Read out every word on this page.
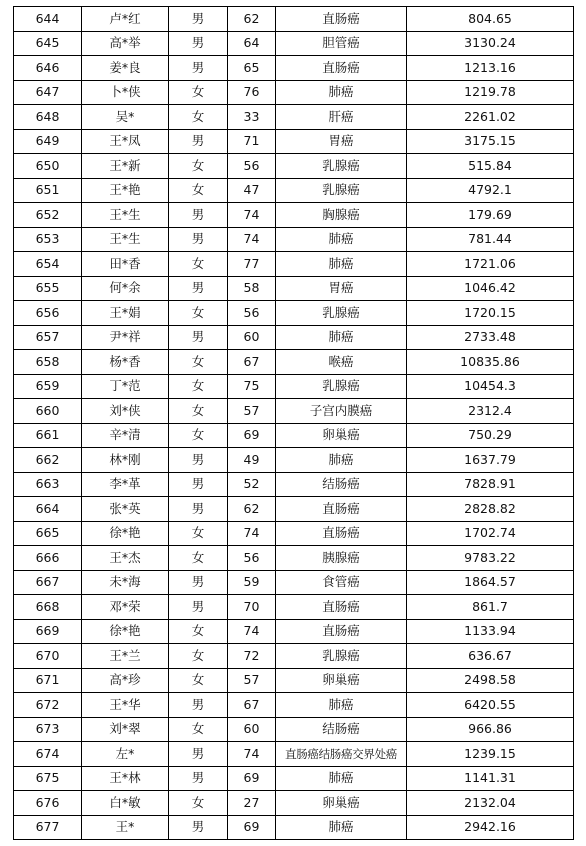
644	卢*红	男	62	直肠癌	804.65
645	高*举	男	64	胆管癌	3130.24
646	姜*良	男	65	直肠癌	1213.16
647	卜*侠	女	76	肺癌	1219.78
648	吴*	女	33	肝癌	2261.02
649	王*凤	男	71	胃癌	3175.15
650	王*新	女	56	乳腺癌	515.84
651	王*艳	女	47	乳腺癌	4792.1
652	王*生	男	74	胸腺癌	179.69
653	王*生	男	74	肺癌	781.44
654	田*香	女	77	肺癌	1721.06
655	何*余	男	58	胃癌	1046.42
656	王*娟	女	56	乳腺癌	1720.15
657	尹*祥	男	60	肺癌	2733.48
658	杨*香	女	67	喉癌	10835.86
659	丁*范	女	75	乳腺癌	10454.3
660	刘*侠	女	57	子宫内膜癌	2312.4
661	辛*清	女	69	卵巢癌	750.29
662	林*刚	男	49	肺癌	1637.79
663	李*革	男	52	结肠癌	7828.91
664	张*英	男	62	直肠癌	2828.82
665	徐*艳	女	74	直肠癌	1702.74
666	王*杰	女	56	胰腺癌	9783.22
667	未*海	男	59	食管癌	1864.57
668	邓*荣	男	70	直肠癌	861.7
669	徐*艳	女	74	直肠癌	1133.94
670	王*兰	女	72	乳腺癌	636.67
671	高*珍	女	57	卵巢癌	2498.58
672	王*华	男	67	肺癌	6420.55
673	刘*翠	女	60	结肠癌	966.86
674	左*	男	74	直肠癌结肠癌交界处癌	1239.15
675	王*林	男	69	肺癌	1141.31
676	白*敏	女	27	卵巢癌	2132.04
677	王*	男	69	肺癌	2942.16
